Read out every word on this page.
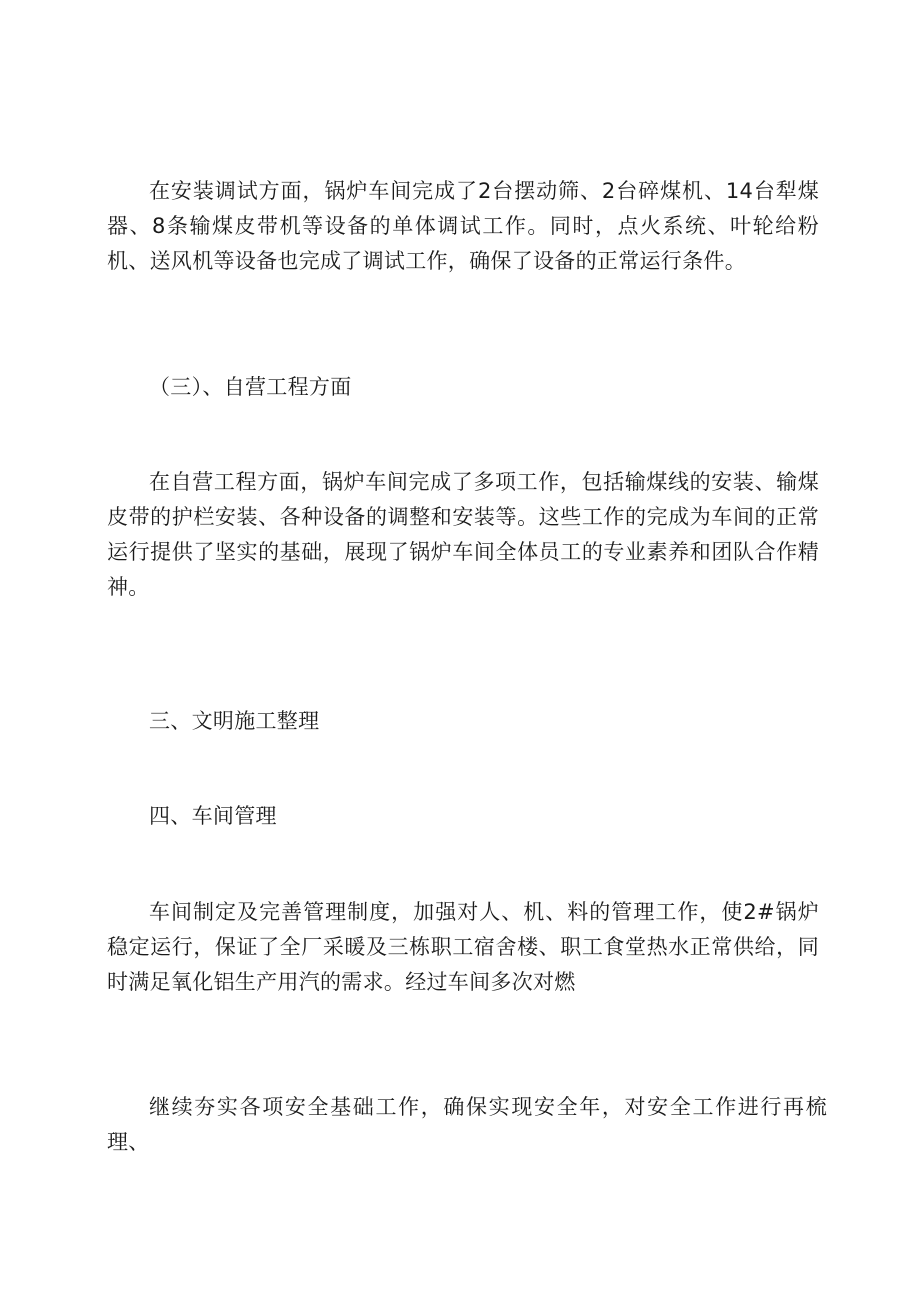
在安装调试方面，锅炉车间完成了2台摆动筛、2台碎煤机、14台犁煤器、8条输煤皮带机等设备的单体调试工作。同时，点火系统、叶轮给粉机、送风机等设备也完成了调试工作，确保了设备的正常运行条件。

（三）、自营工程方面

在自营工程方面，锅炉车间完成了多项工作，包括输煤线的安装、输煤皮带的护栏安装、各种设备的调整和安装等。这些工作的完成为车间的正常运行提供了坚实的基础，展现了锅炉车间全体员工的专业素养和团队合作精神。

三、文明施工整理

四、车间管理

车间制定及完善管理制度，加强对人、机、料的管理工作，使2#锅炉稳定运行，保证了全厂采暖及三栋职工宿舍楼、职工食堂热水正常供给，同时满足氧化铝生产用汽的需求。经过车间多次对燃

继续夯实各项安全基础工作，确保实现安全年，对安全工作进行再梳理、
